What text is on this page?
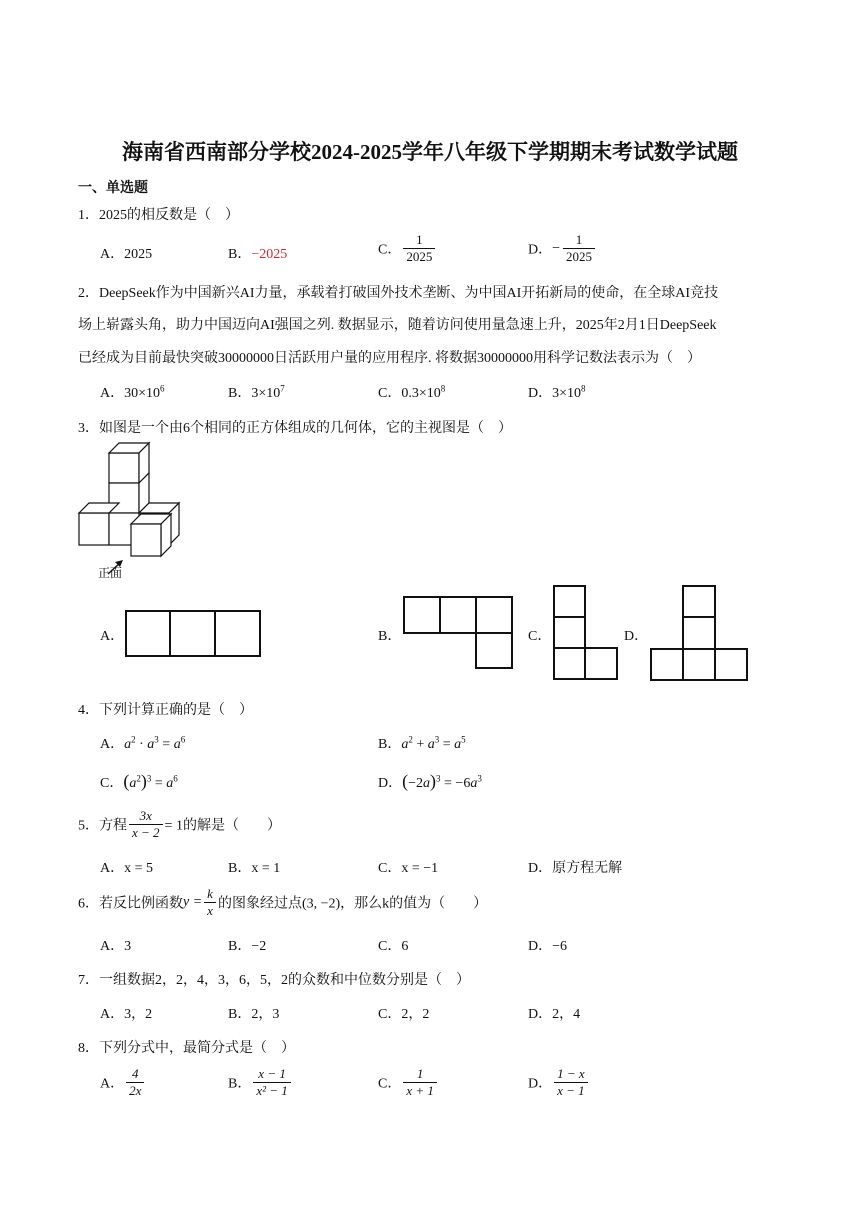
海南省西南部分学校2024-2025学年八年级下学期期末考试数学试题
一、单选题
1．2025的相反数是（　）
A．2025	B．−2025	C． $\frac{1}{2025}$	D．− $\frac{1}{2025}$
2．DeepSeek作为中国新兴AI力量，承载着打破国外技术垄断、为中国AI开拓新局的使命，在全球AI竞技
场上崭露头角，助力中国迈向AI强国之列. 数据显示，随着访问使用量急速上升，2025年2月1日DeepSeek
已经成为目前最快突破30000000日活跃用户量的应用程序. 将数据30000000用科学记数法表示为（　）
A．$30\times 10^6$	B．$3\times 10^7$	C．$0.3\times 10^8$	D．$3\times 10^8$
3．如图是一个由6个相同的正方体组成的几何体，它的主视图是（　）
正面
A．	B．	C．	D．
4．下列计算正确的是（　）
A．$a^2 \cdot a^3 = a^6$	B．$a^2 + a^3 = a^5$
C．$(a^2)^3 = a^6$	D．$(-2a)^3 = -6a^3$
5．方程 $\frac{3x}{x - 2} = 1$的解是（　　）
A．x = 5	B．x = 1	C．x = −1	D．原方程无解
6．若反比例函数$y = \frac{k}{x}$ 的图象经过点(3, −2)，那么k的值为（　　）
A．3	B．−2	C．6	D．−6
7．一组数据2，2，4，3，6，5，2的众数和中位数分别是（　）
A．3，2	B．2，3	C．2，2	D．2，4
8．下列分式中，最简分式是（　）
A． $\frac{4}{2x}$	B． $\frac{x - 1}{\text{x² − 1}}$	C． $\frac{1}{x + 1}$	D． $\frac{1 - x}{x - 1}$
